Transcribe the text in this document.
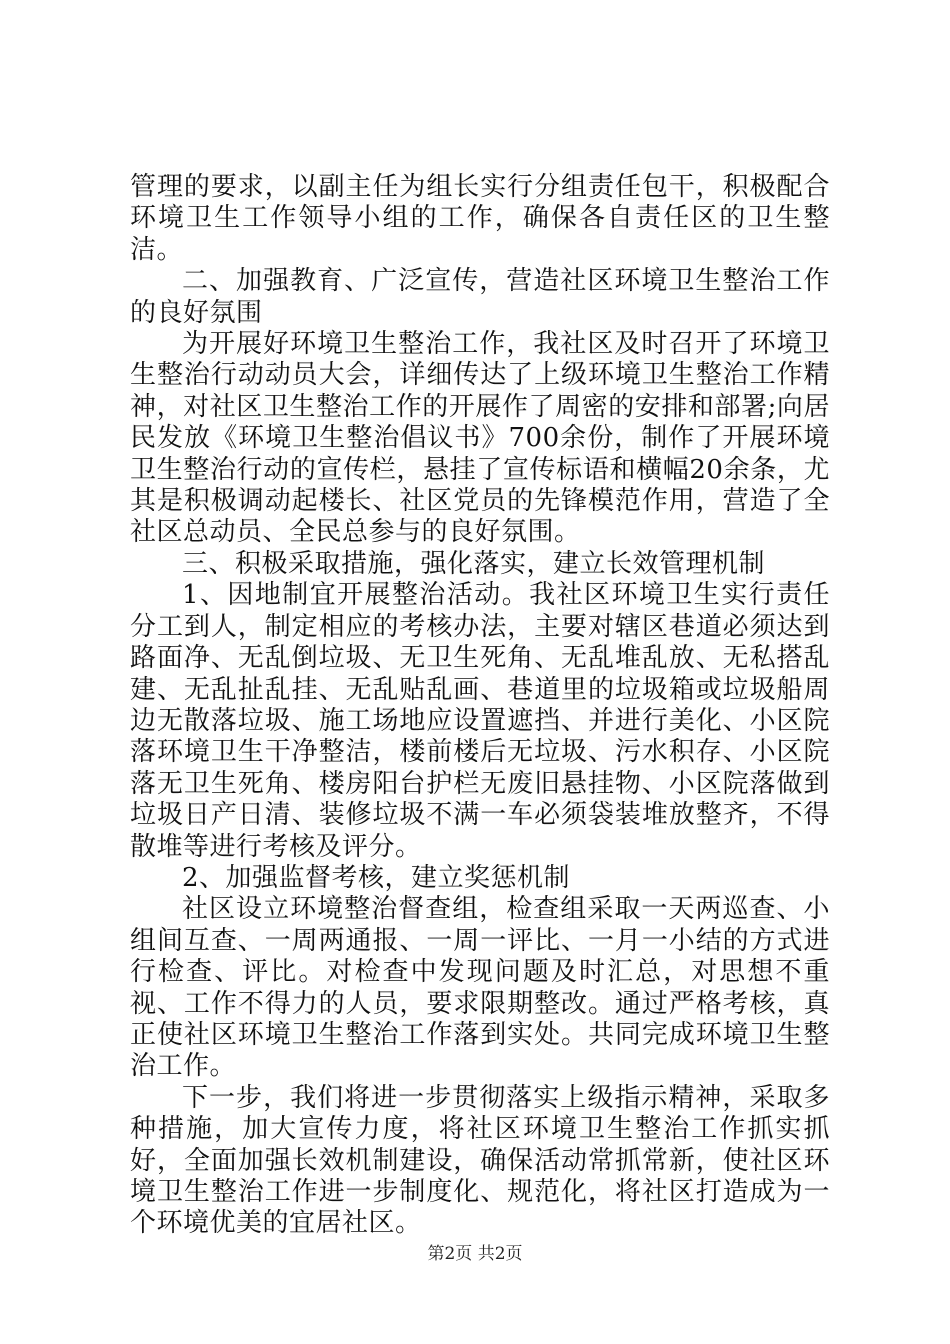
管理的要求，以副主任为组长实行分组责任包干，积极配合环境卫生工作领导小组的工作，确保各自责任区的卫生整洁。

二、加强教育、广泛宣传，营造社区环境卫生整治工作的良好氛围

为开展好环境卫生整治工作，我社区及时召开了环境卫生整治行动动员大会，详细传达了上级环境卫生整治工作精神，对社区卫生整治工作的开展作了周密的安排和部署;向居民发放《环境卫生整治倡议书》700余份，制作了开展环境卫生整治行动的宣传栏，悬挂了宣传标语和横幅20余条，尤其是积极调动起楼长、社区党员的先锋模范作用，营造了全社区总动员、全民总参与的良好氛围。

三、积极采取措施，强化落实，建立长效管理机制

1、因地制宜开展整治活动。我社区环境卫生实行责任分工到人，制定相应的考核办法，主要对辖区巷道必须达到路面净、无乱倒垃圾、无卫生死角、无乱堆乱放、无私搭乱建、无乱扯乱挂、无乱贴乱画、巷道里的垃圾箱或垃圾船周边无散落垃圾、施工场地应设置遮挡、并进行美化、小区院落环境卫生干净整洁，楼前楼后无垃圾、污水积存、小区院落无卫生死角、楼房阳台护栏无废旧悬挂物、小区院落做到垃圾日产日清、装修垃圾不满一车必须袋装堆放整齐，不得散堆等进行考核及评分。

2、加强监督考核，建立奖惩机制

社区设立环境整治督查组，检查组采取一天两巡查、小组间互查、一周两通报、一周一评比、一月一小结的方式进行检查、评比。对检查中发现问题及时汇总，对思想不重视、工作不得力的人员，要求限期整改。通过严格考核，真正使社区环境卫生整治工作落到实处。共同完成环境卫生整治工作。

下一步，我们将进一步贯彻落实上级指示精神，采取多种措施，加大宣传力度，将社区环境卫生整治工作抓实抓好，全面加强长效机制建设，确保活动常抓常新，使社区环境卫生整治工作进一步制度化、规范化，将社区打造成为一个环境优美的宜居社区。

第2页 共2页
